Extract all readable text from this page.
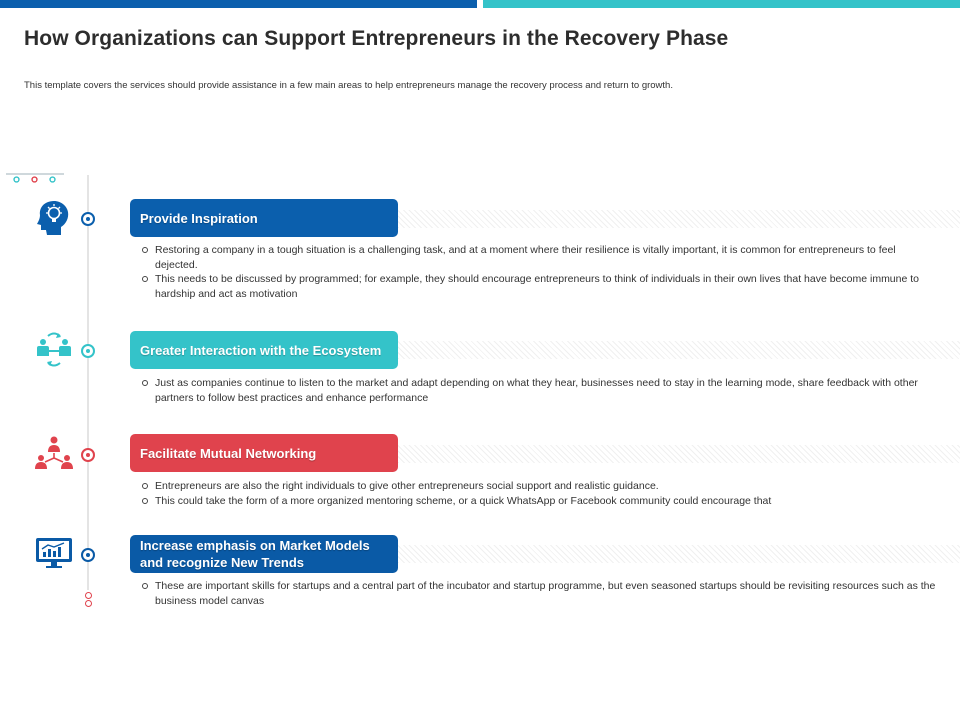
How Organizations can Support Entrepreneurs in the Recovery Phase
This template covers the services should provide assistance in a few main areas to help entrepreneurs manage the recovery process and return to growth.
Provide Inspiration
Restoring a company in a tough situation is a challenging task, and at a moment where their resilience is vitally important, it is common for entrepreneurs to feel dejected.
This needs to be discussed by programmed; for example, they should encourage entrepreneurs to think of individuals in their own lives that have become immune to hardship and act as motivation
Greater Interaction with the Ecosystem
Just as companies continue to listen to the market and adapt depending on what they hear, businesses need to stay in the learning mode, share feedback with other partners to follow best practices and enhance performance
Facilitate Mutual Networking
Entrepreneurs are also the right individuals to give other entrepreneurs social support and realistic guidance.
This could take the form of a more organized mentoring scheme, or a quick WhatsApp or Facebook community could encourage that
Increase emphasis on Market Models and recognize New Trends
These are important skills for startups and a central part of the incubator and startup programme, but even seasoned startups should be revisiting resources such as the business model canvas
